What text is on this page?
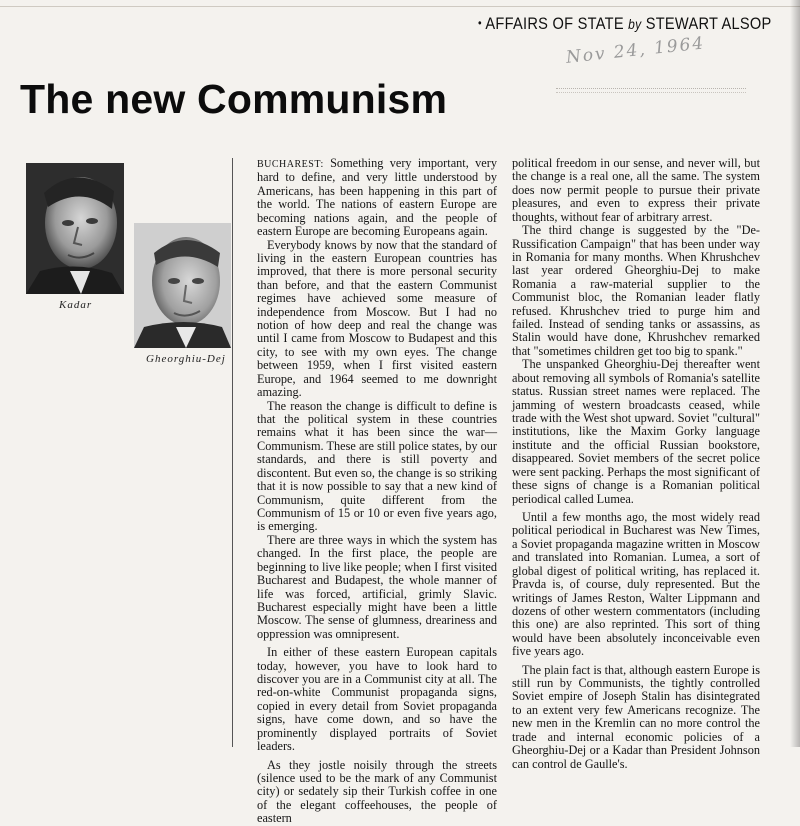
• AFFAIRS OF STATE by STEWART ALSOP
Nov 24, 1964
The new Communism
Kadar
Gheorghiu-Dej

BUCHAREST: Something very important, very hard to define, and very little understood by Americans, has been happening in this part of the world. The nations of eastern Europe are becoming nations again, and the people of eastern Europe are becoming Europeans again.

Everybody knows by now that the standard of living in the eastern European countries has improved, that there is more personal security than before, and that the eastern Communist regimes have achieved some measure of independence from Moscow. But I had no notion of how deep and real the change was until I came from Moscow to Budapest and this city, to see with my own eyes. The change between 1959, when I first visited eastern Europe, and 1964 seemed to me downright amazing.

The reason the change is difficult to define is that the political system in these countries remains what it has been since the war—Communism. These are still police states, by our standards, and there is still poverty and discontent. But even so, the change is so striking that it is now possible to say that a new kind of Communism, quite different from the Communism of 15 or 10 or even five years ago, is emerging.

There are three ways in which the system has changed. In the first place, the people are beginning to live like people; when I first visited Bucharest and Budapest, the whole manner of life was forced, artificial, grimly Slavic. Bucharest especially might have been a little Moscow. The sense of glumness, dreariness and oppression was omnipresent.

In either of these eastern European capitals today, however, you have to look hard to discover you are in a Communist city at all. The red-on-white Communist propaganda signs, copied in every detail from Soviet propaganda signs, have come down, and so have the prominently displayed portraits of Soviet leaders.

As they jostle noisily through the streets (silence used to be the mark of any Communist city) or sedately sip their Turkish coffee in one of the elegant coffeehouses, the people of eastern

political freedom in our sense, and never will, but the change is a real one, all the same. The system does now permit people to pursue their private pleasures, and even to express their private thoughts, without fear of arbitrary arrest.

The third change is suggested by the "De-Russification Campaign" that has been under way in Romania for many months. When Khrushchev last year ordered Gheorghiu-Dej to make Romania a raw-material supplier to the Communist bloc, the Romanian leader flatly refused. Khrushchev tried to purge him and failed. Instead of sending tanks or assassins, as Stalin would have done, Khrushchev remarked that "sometimes children get too big to spank."

The unspanked Gheorghiu-Dej thereafter went about removing all symbols of Romania's satellite status. Russian street names were replaced. The jamming of western broadcasts ceased, while trade with the West shot upward. Soviet "cultural" institutions, like the Maxim Gorky language institute and the official Russian bookstore, disappeared. Soviet members of the secret police were sent packing. Perhaps the most significant of these signs of change is a Romanian political periodical called Lumea.

Until a few months ago, the most widely read political periodical in Bucharest was New Times, a Soviet propaganda magazine written in Moscow and translated into Romanian. Lumea, a sort of global digest of political writing, has replaced it. Pravda is, of course, duly represented. But the writings of James Reston, Walter Lippmann and dozens of other western commentators (including this one) are also reprinted. This sort of thing would have been absolutely inconceivable even five years ago.

The plain fact is that, although eastern Europe is still run by Communists, the tightly controlled Soviet empire of Joseph Stalin has disintegrated to an extent very few Americans recognize. The new men in the Kremlin can no more control the trade and internal economic policies of a Gheorghiu-Dej or a Kadar than President Johnson can control de Gaulle's.
